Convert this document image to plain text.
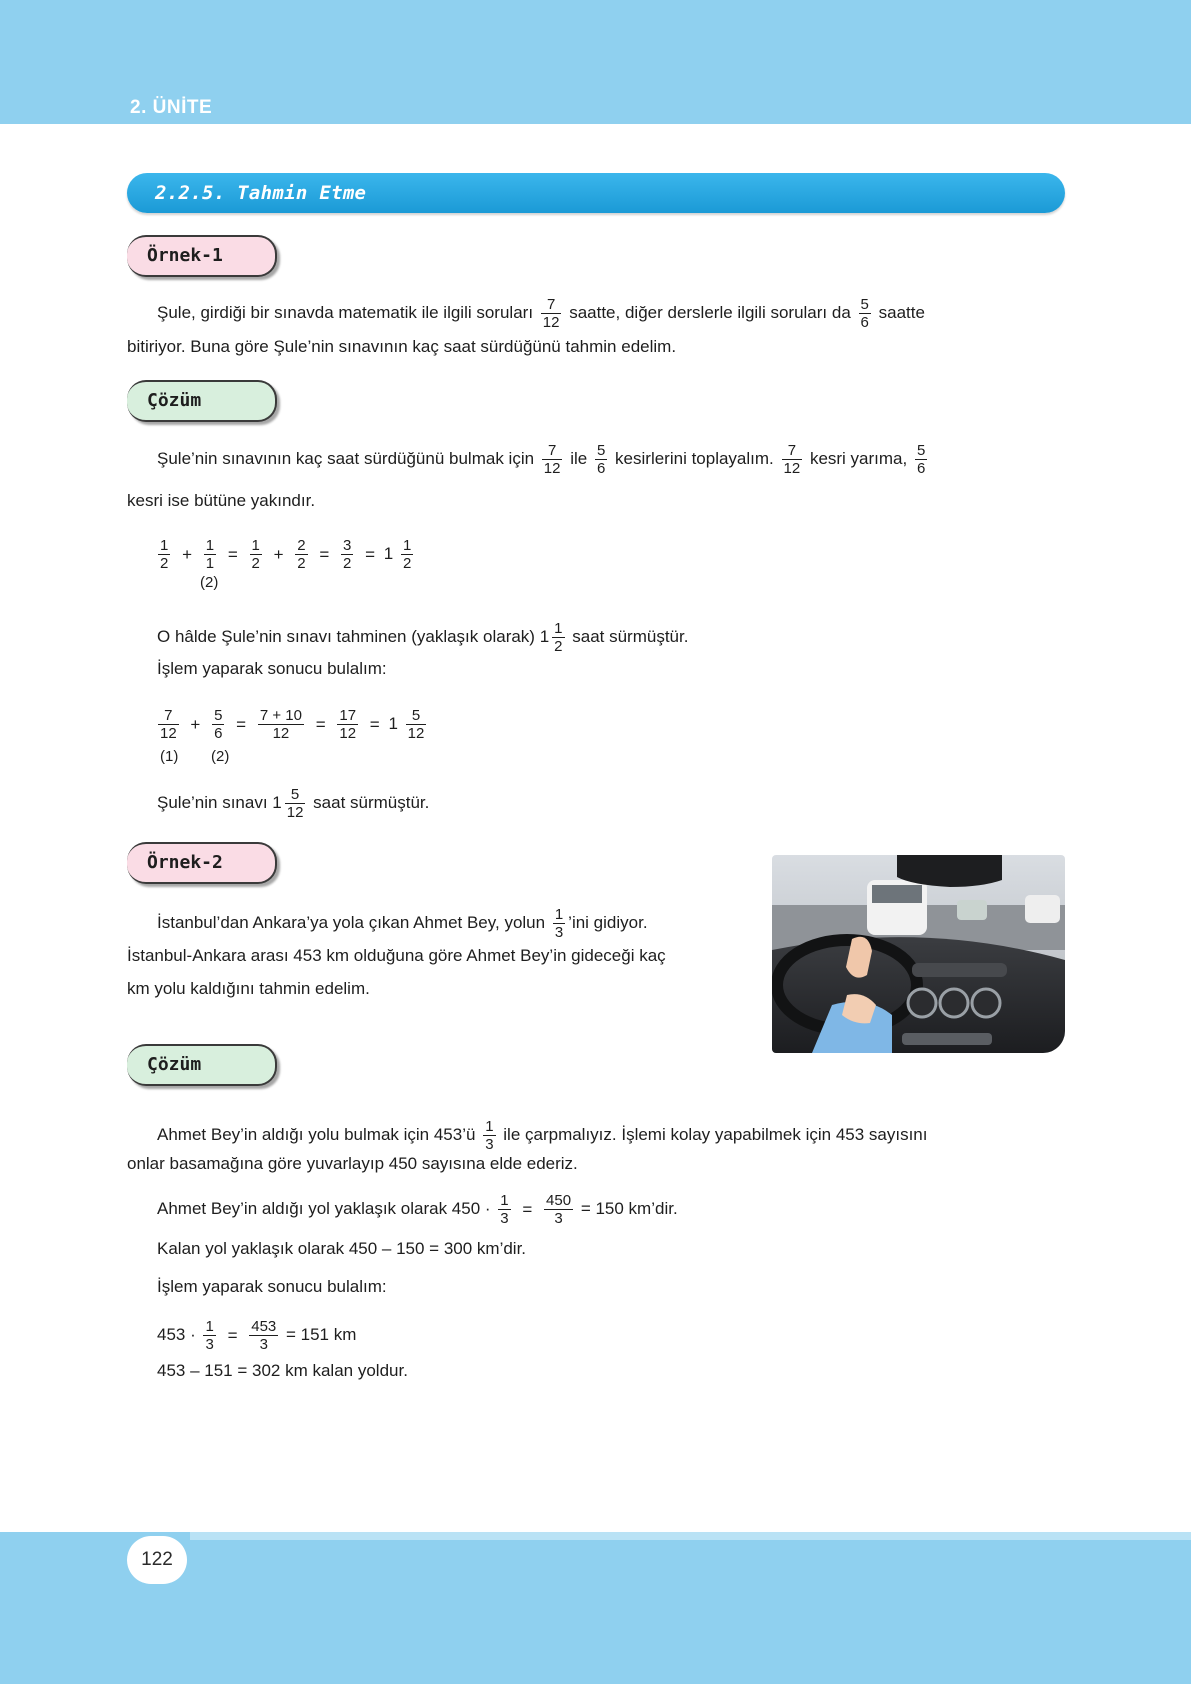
2. ÜNİTE
2.2.5. Tahmin Etme
Örnek-1
Şule, girdiği bir sınavda matematik ile ilgili soruları $\frac{7}{12}$ saatte, diğer derslerle ilgili soruları da $\frac{5}{6}$ saatte
bitiriyor. Buna göre Şule’nin sınavının kaç saat sürdüğünü tahmin edelim.
Çözüm
Şule’nin sınavının kaç saat sürdüğünü bulmak için $\frac{7}{12}$ ile $\frac{5}{6}$ kesirlerini toplayalım. $\frac{7}{12}$ kesri yarıma, $\frac{5}{6}$
kesri ise bütüne yakındır.
$\frac{1}{2} + \frac{1}{1} = \frac{1}{2} + \frac{2}{2} = \frac{3}{2} = 1 \frac{1}{2}$
(2)
O hâlde Şule’nin sınavı tahminen (yaklaşık olarak) $1 \frac{1}{2}$ saat sürmüştür.
İşlem yaparak sonucu bulalım:
$\frac{7}{12} + \frac{5}{6} = \frac{7 + 10}{12} = \frac{17}{12} = 1 \frac{5}{12}$
(1) (2)
Şule’nin sınavı $1 \frac{5}{12}$ saat sürmüştür.
Örnek-2
İstanbul’dan Ankara’ya yola çıkan Ahmet Bey, yolun $\frac{1}{3}$ ’ini gidiyor.
İstanbul-Ankara arası 453 km olduğuna göre Ahmet Bey’in gideceği kaç
km yolu kaldığını tahmin edelim.
Çözüm
Ahmet Bey’in aldığı yolu bulmak için 453’ü $\frac{1}{3}$ ile çarpmalıyız. İşlemi kolay yapabilmek için 453 sayısını
onlar basamağına göre yuvarlayıp 450 sayısına elde ederiz.
Ahmet Bey’in aldığı yol yaklaşık olarak $450 \cdot \frac{1}{3} = \frac{450}{3} = 150$ km’dir.
Kalan yol yaklaşık olarak 450 – 150 = 300 km’dir.
İşlem yaparak sonucu bulalım:
$453 \cdot \frac{1}{3} = \frac{453}{3} = 151$ km
453 – 151 = 302 km kalan yoldur.
122
